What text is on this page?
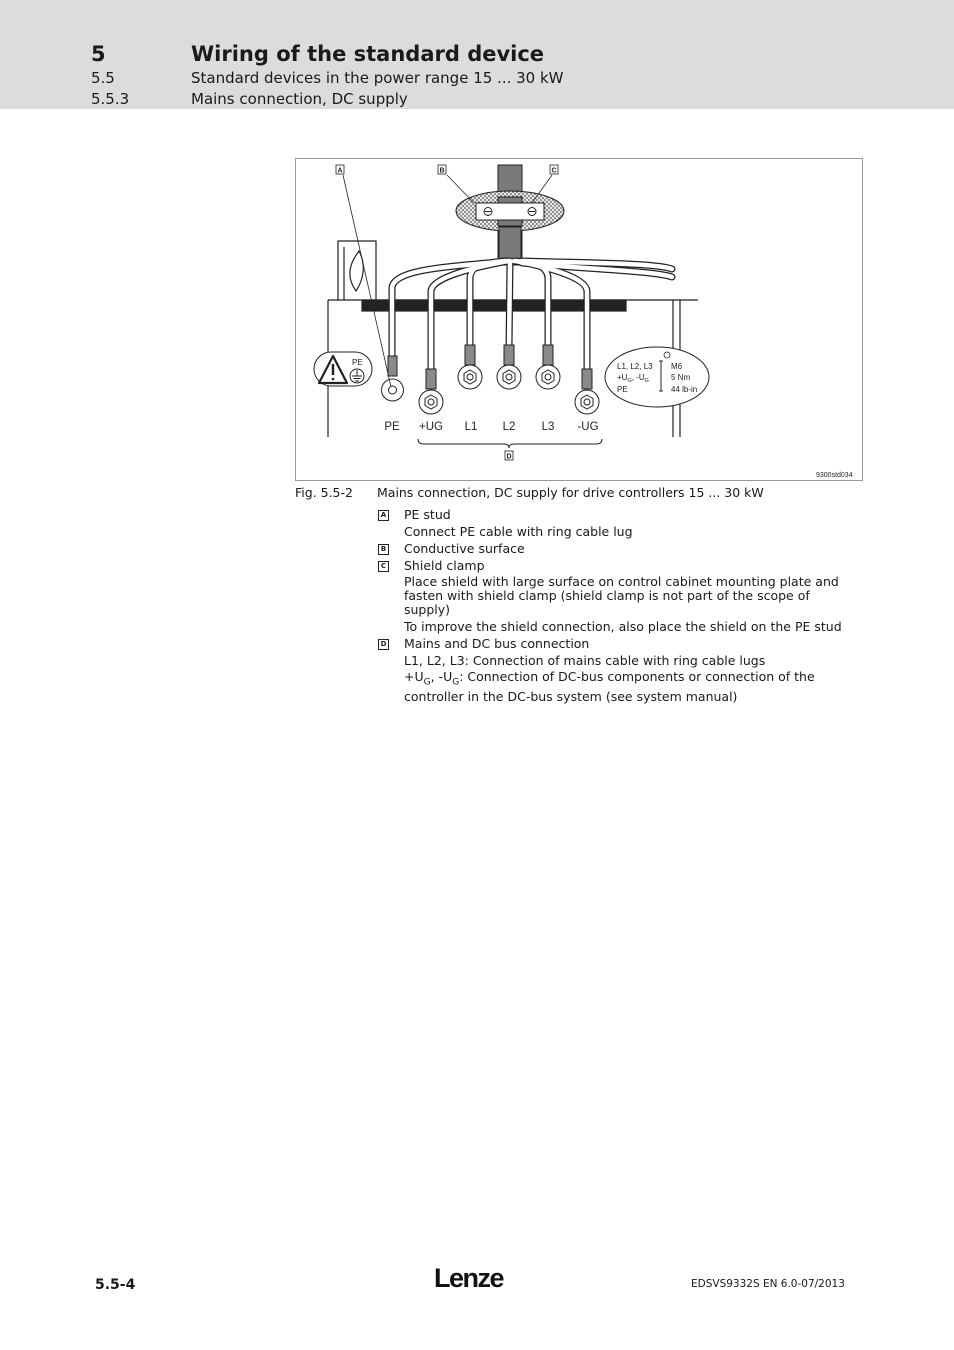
5	Wiring of the standard device
5.5	Standard devices in the power range 15 ... 30 kW
5.5.3	Mains connection, DC supply
PE	L1, L2, L3
$+U_G$, $-U_G$
PE
M6
5 Nm
44 lb-in
PE +UG L1 L2 L3 -UG
A	B	C
D
9300std034
Fig. 5.5-2 Mains connection, DC supply for drive controllers 15 ... 30 kW
A PE stud
Connect PE cable with ring cable lug
B Conductive surface
C Shield clamp
Place shield with large surface on control cabinet mounting plate and fasten with shield clamp (shield clamp is not part of the scope of supply)
To improve the shield connection, also place the shield on the PE stud
D Mains and DC bus connection
L1, L2, L3: Connection of mains cable with ring cable lugs
$+U_G$, $-U_G$: Connection of DC-bus components or connection of the controller in the DC-bus system (see system manual)
5.5-4	Lenze	EDSVS9332S EN 6.0-07/2013
